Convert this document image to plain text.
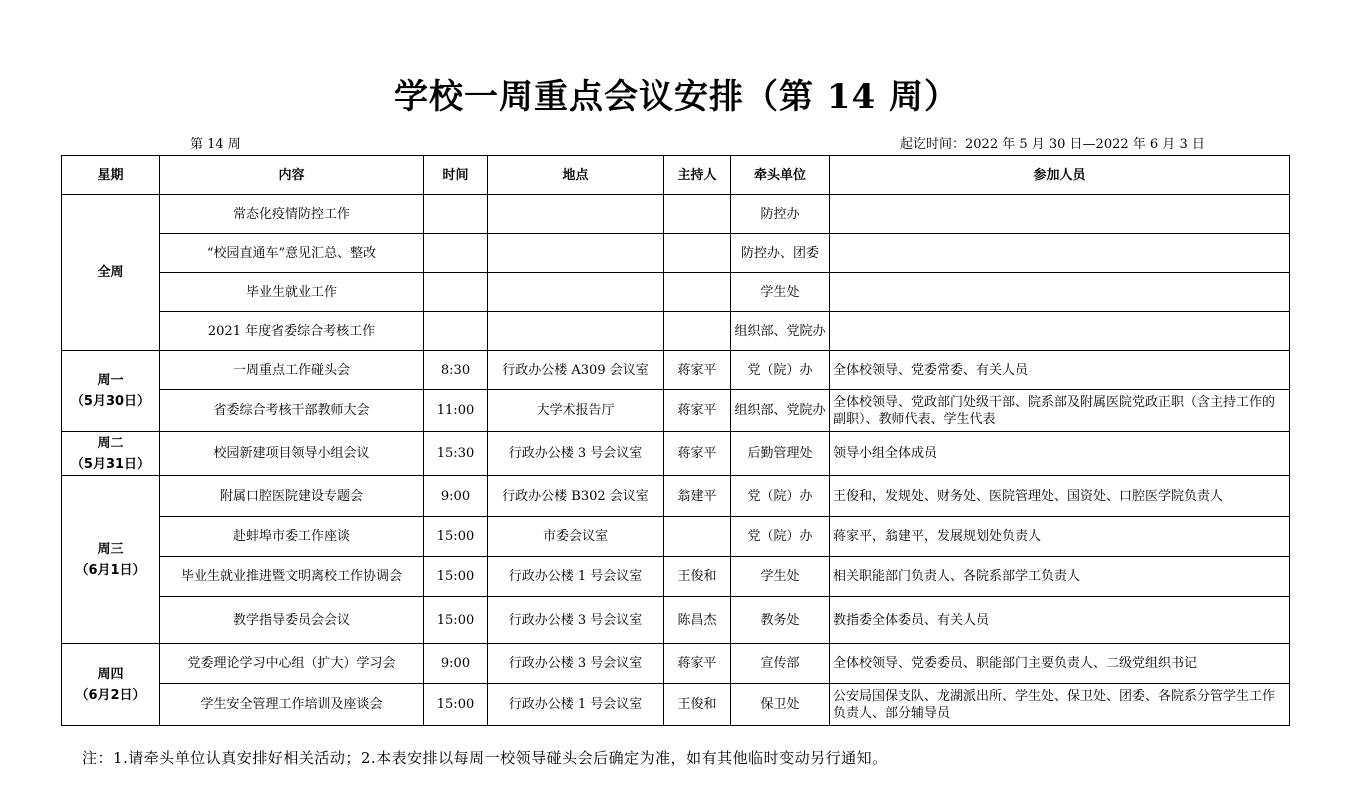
学校一周重点会议安排（第 14 周）
第 14 周	起讫时间：2022 年 5 月 30 日—2022 年 6 月 3 日
星期	内容	时间	地点	主持人	牵头单位	参加人员
全周	常态化疫情防控工作				防控办	
	“校园直通车”意见汇总、整改				防控办、团委	
	毕业生就业工作				学生处	
	2021 年度省委综合考核工作				组织部、党院办	

周一
（5月30日）	一周重点工作碰头会	8:30	行政办公楼 A309 会议室	蒋家平	党（院）办	全体校领导、党委常委、有关人员
	省委综合考核干部教师大会	11:00	大学术报告厅	蒋家平	组织部、党院办	全体校领导、党政部门处级干部、院系部及附属医院党政正职（含主持工作的副职）、教师代表、学生代表

周二
（5月31日）	校园新建项目领导小组会议	15:30	行政办公楼 3 号会议室	蒋家平	后勤管理处	领导小组全体成员

周三
（6月1日）	附属口腔医院建设专题会	9:00	行政办公楼 B302 会议室	翁建平	党（院）办	王俊和，发规处、财务处、医院管理处、国资处、口腔医学院负责人
	赴蚌埠市委工作座谈	15:00	市委会议室		党（院）办	蒋家平，翁建平，发展规划处负责人
	毕业生就业推进暨文明离校工作协调会	15:00	行政办公楼 1 号会议室	王俊和	学生处	相关职能部门负责人、各院系部学工负责人
	教学指导委员会会议	15:00	行政办公楼 3 号会议室	陈昌杰	教务处	教指委全体委员、有关人员

周四
（6月2日）	党委理论学习中心组（扩大）学习会	9:00	行政办公楼 3 号会议室	蒋家平	宣传部	全体校领导、党委委员、职能部门主要负责人、二级党组织书记
	学生安全管理工作培训及座谈会	15:00	行政办公楼 1 号会议室	王俊和	保卫处	公安局国保支队、龙湖派出所、学生处、保卫处、团委、各院系分管学生工作负责人、部分辅导员
注：1.请牵头单位认真安排好相关活动；2.本表安排以每周一校领导碰头会后确定为准，如有其他临时变动另行通知。
